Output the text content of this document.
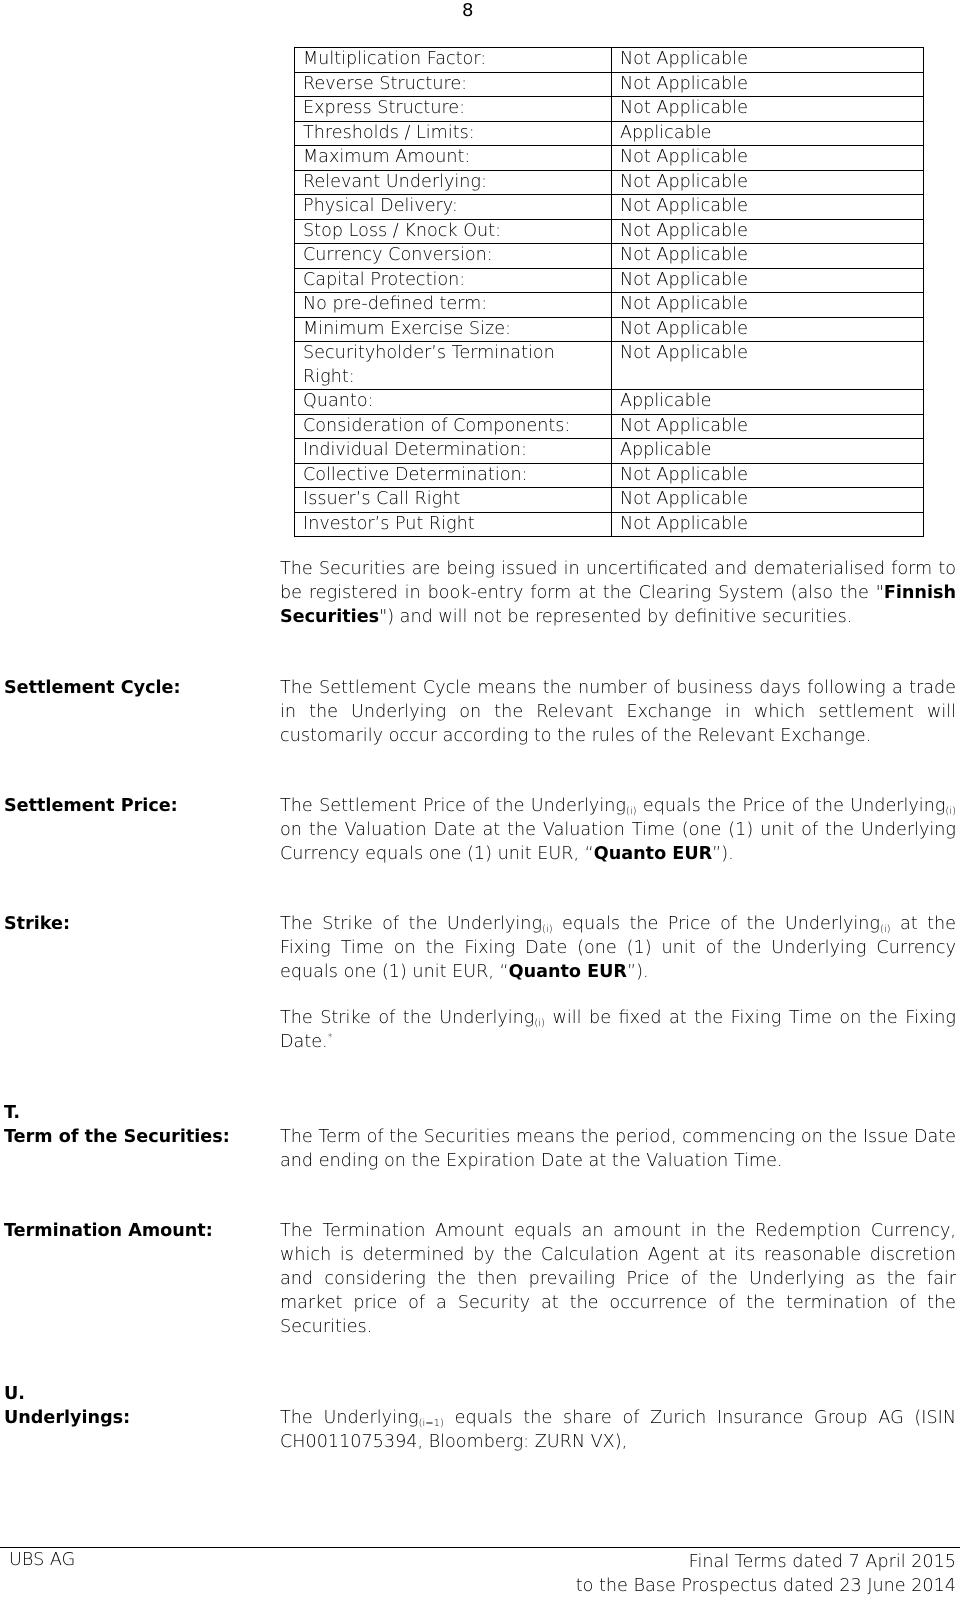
8
Multiplication Factor:	Not Applicable
Reverse Structure:	Not Applicable
Express Structure:	Not Applicable
Thresholds / Limits:	Applicable
Maximum Amount:	Not Applicable
Relevant Underlying:	Not Applicable
Physical Delivery:	Not Applicable
Stop Loss / Knock Out:	Not Applicable
Currency Conversion:	Not Applicable
Capital Protection:	Not Applicable
No pre-defined term:	Not Applicable
Minimum Exercise Size:	Not Applicable
Securityholder’s Termination Right:	Not Applicable
Quanto:	Applicable
Consideration of Components:	Not Applicable
Individual Determination:	Applicable
Collective Determination:	Not Applicable
Issuer’s Call Right	Not Applicable
Investor’s Put Right	Not Applicable
The Securities are being issued in uncertificated and dematerialised form to be registered in book-entry form at the Clearing System (also the "Finnish Securities") and will not be represented by definitive securities.
Settlement Cycle:	The Settlement Cycle means the number of business days following a trade in the Underlying on the Relevant Exchange in which settlement will customarily occur according to the rules of the Relevant Exchange.
Settlement Price:	The Settlement Price of the Underlying$_{(i)}$ equals the Price of the Underlying$_{(i)}$ on the Valuation Date at the Valuation Time (one (1) unit of the Underlying Currency equals one (1) unit EUR, “Quanto EUR”).
Strike:	The Strike of the Underlying$_{(i)}$ equals the Price of the Underlying$_{(i)}$ at the Fixing Time on the Fixing Date (one (1) unit of the Underlying Currency equals one (1) unit EUR, “Quanto EUR”).
The Strike of the Underlying$_{(i)}$ will be fixed at the Fixing Time on the Fixing Date.*
T.
Term of the Securities:	The Term of the Securities means the period, commencing on the Issue Date and ending on the Expiration Date at the Valuation Time.
Termination Amount:	The Termination Amount equals an amount in the Redemption Currency, which is determined by the Calculation Agent at its reasonable discretion and considering the then prevailing Price of the Underlying as the fair market price of a Security at the occurrence of the termination of the Securities.
U.
Underlyings:	The Underlying$_{(i=1)}$ equals the share of Zurich Insurance Group AG (ISIN CH0011075394, Bloomberg: ZURN VX),
UBS AG	Final Terms dated 7 April 2015
to the Base Prospectus dated 23 June 2014
